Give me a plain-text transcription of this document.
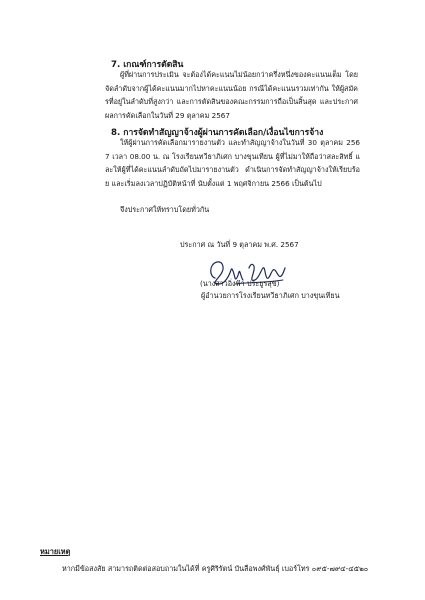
7. เกณฑ์การตัดสิน
ผู้ที่ผ่านการประเมิน จะต้องได้คะแนนไม่น้อยกว่าครึ่งหนึ่งของคะแนนเต็ม โดยจัดลำดับจากผู้ได้คะแนนมากไปหาคะแนนน้อย กรณีได้คะแนนรวมเท่ากัน ให้ผู้สมัครที่อยู่ในลำดับที่สูงกว่า และการตัดสินของคณะกรรมการถือเป็นสิ้นสุด และประกาศผลการคัดเลือกในวันที่ 29 ตุลาคม 2567
8. การจัดทำสัญญาจ้างผู้ผ่านการคัดเลือก/เงื่อนไขการจ้าง
ให้ผู้ผ่านการคัดเลือกมารายงานตัว และทำสัญญาจ้างในวันที่ 30 ตุลาคม 2567 เวลา 08.00 น. ณ โรงเรียนทวีธาภิเศก บางขุนเทียน ผู้ที่ไม่มาให้ถือว่าสละสิทธิ์ และให้ผู้ที่ได้คะแนนลำดับถัดไปมารายงานตัว ดำเนินการจัดทำสัญญาจ้างให้เรียบร้อย และเริ่มลงเวลาปฏิบัติหน้าที่ นับตั้งแต่ 1 พฤศจิกายน 2566 เป็นต้นไป
จึงประกาศให้ทราบโดยทั่วกัน
ประกาศ ณ วันที่ 9 ตุลาคม พ.ศ. 2567
(นางสาวอิ่งฟ้า ประยูรสุข)
ผู้อำนวยการโรงเรียนทวีธาภิเศก บางขุนเทียน
หมายเหตุ
หากมีข้อสงสัย สามารถติดต่อสอบถามในได้ที่ ครูศิริรัตน์ บันลือพงศ์พันธุ์ เบอร์โทร ๐๙๕-๗๙๔-๔๕๒๐
